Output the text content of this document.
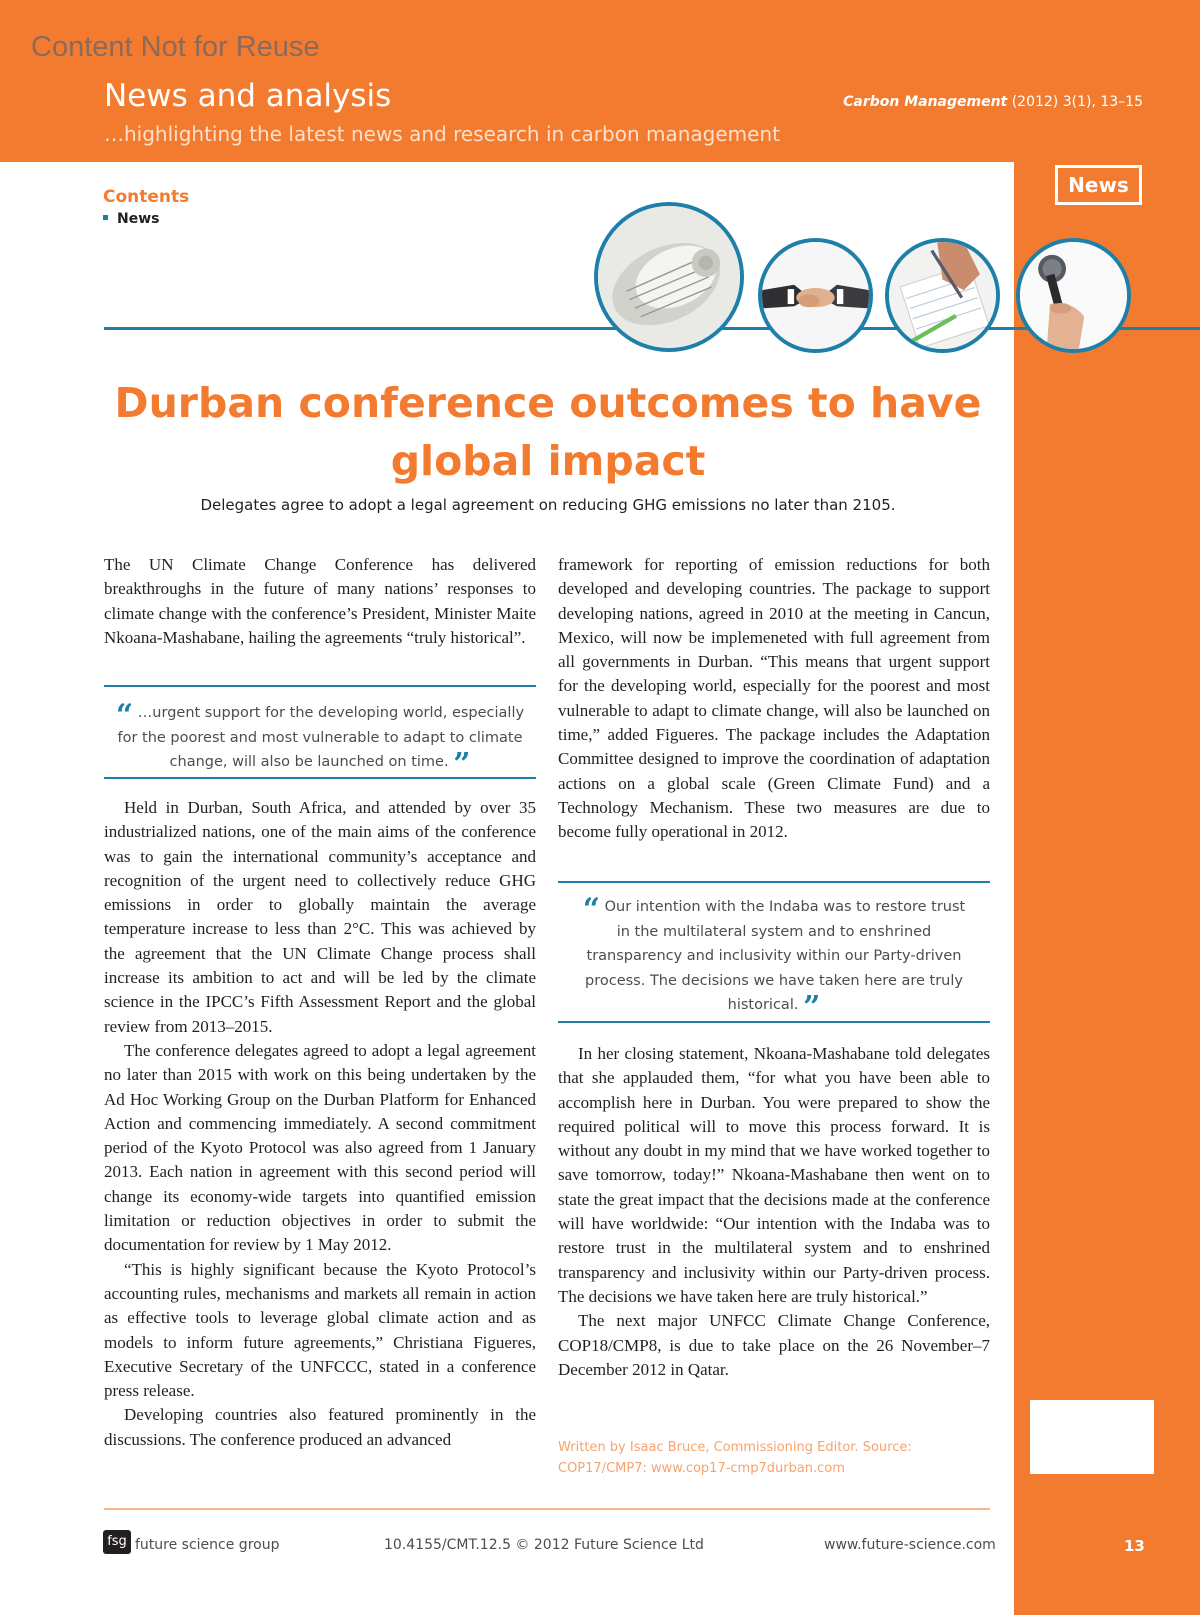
Content Not for Reuse
News and analysis
…highlighting the latest news and research in carbon management
Carbon Management (2012) 3(1), 13–15
News
Contents
News
Durban conference outcomes to have
global impact
Delegates agree to adopt a legal agreement on reducing GHG emissions no later than 2105.

The UN Climate Change Conference has delivered breakthroughs in the future of many nations’ responses to climate change with the conference’s President, Minister Maite Nkoana-Mashabane, hailing the agreements “truly historical”.

“ …urgent support for the developing world, especially for the poorest and most vulnerable to adapt to climate change, will also be launched on time. ”

Held in Durban, South Africa, and attended by over 35 industrialized nations, one of the main aims of the conference was to gain the international community’s acceptance and recognition of the urgent need to collectively reduce GHG emissions in order to globally maintain the average temperature increase to less than 2°C. This was achieved by the agreement that the UN Climate Change process shall increase its ambition to act and will be led by the climate science in the IPCC’s Fifth Assessment Report and the global review from 2013–2015.

The conference delegates agreed to adopt a legal agreement no later than 2015 with work on this being undertaken by the Ad Hoc Working Group on the Durban Platform for Enhanced Action and commencing immediately. A second commitment period of the Kyoto Protocol was also agreed from 1 January 2013. Each nation in agreement with this second period will change its economy-wide targets into quantified emission limitation or reduction objectives in order to submit the documentation for review by 1 May 2012.

“This is highly significant because the Kyoto Protocol’s accounting rules, mechanisms and markets all remain in action as effective tools to leverage global climate action and as models to inform future agreements,” Christiana Figueres, Executive Secretary of the UNFCCC, stated in a conference press release.

Developing countries also featured prominently in the discussions. The conference produced an advanced

framework for reporting of emission reductions for both developed and developing countries. The package to support developing nations, agreed in 2010 at the meeting in Cancun, Mexico, will now be implemeneted with full agreement from all governments in Durban. “This means that urgent support for the developing world, especially for the poorest and most vulnerable to adapt to climate change, will also be launched on time,” added Figueres. The package includes the Adaptation Committee designed to improve the coordination of adaptation actions on a global scale (Green Climate Fund) and a Technology Mechanism. These two measures are due to become fully operational in 2012.

“ Our intention with the Indaba was to restore trust in the multilateral system and to enshrined transparency and inclusivity within our Party-driven process. The decisions we have taken here are truly historical. ”

In her closing statement, Nkoana-Mashabane told delegates that she applauded them, “for what you have been able to accomplish here in Durban. You were prepared to show the required political will to move this process forward. It is without any doubt in my mind that we have worked together to save tomorrow, today!” Nkoana-Mashabane then went on to state the great impact that the decisions made at the conference will have worldwide: “Our intention with the Indaba was to restore trust in the multilateral system and to enshrined transparency and inclusivity within our Party-driven process. The decisions we have taken here are truly historical.”

The next major UNFCC Climate Change Conference, COP18/CMP8, is due to take place on the 26 November–7 December 2012 in Qatar.

Written by Isaac Bruce, Commissioning Editor. Source: COP17/CMP7: www.cop17-cmp7durban.com
fsg future science group	10.4155/CMT.12.5 © 2012 Future Science Ltd	www.future-science.com	13
